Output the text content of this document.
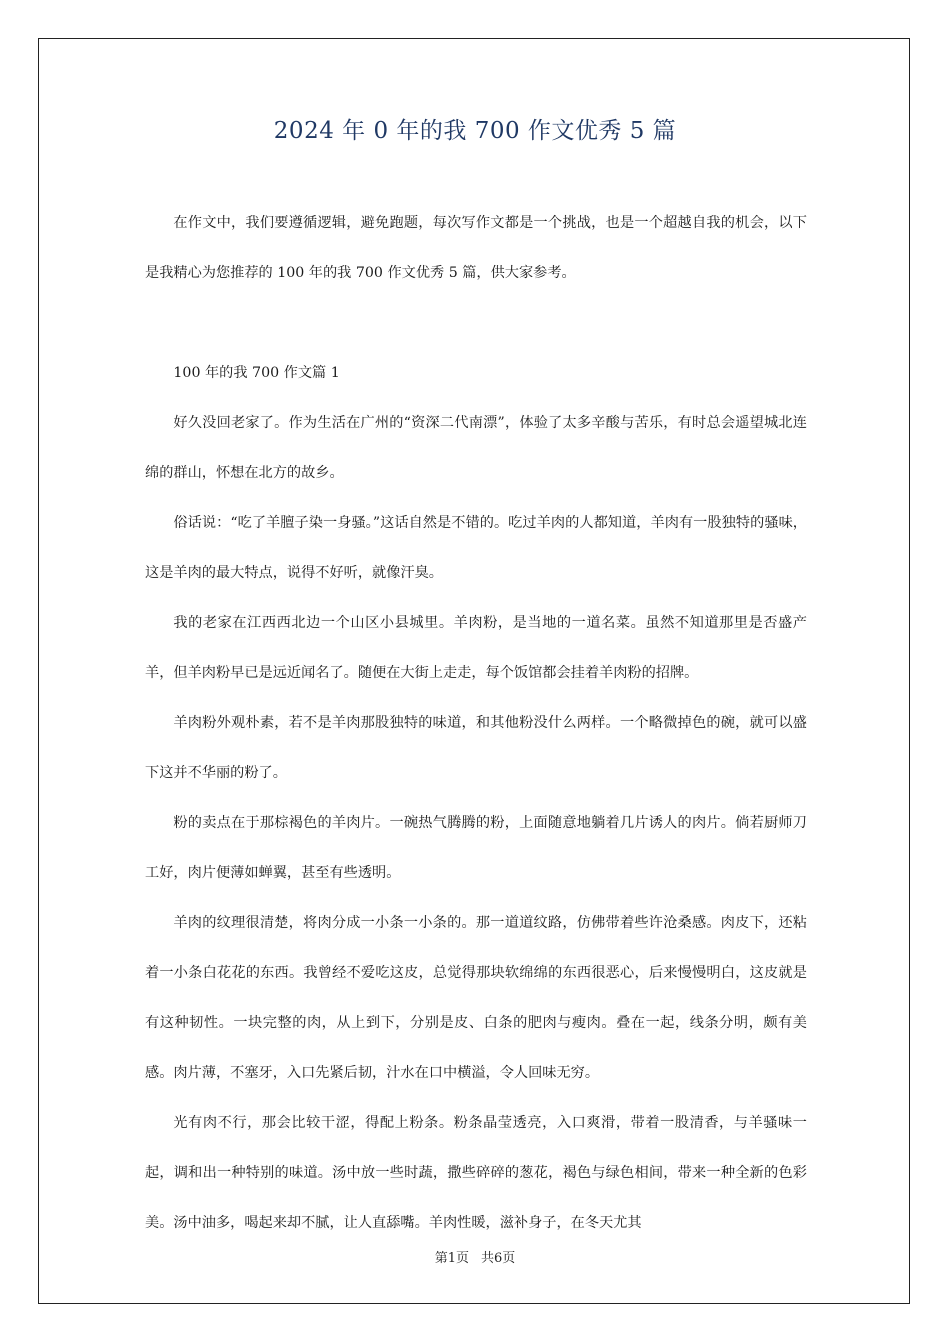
2024 年 0 年的我 700 作文优秀 5 篇

在作文中，我们要遵循逻辑，避免跑题，每次写作文都是一个挑战，也是一个超越自我的机会，以下是我精心为您推荐的 100 年的我 700 作文优秀 5 篇，供大家参考。

100 年的我 700 作文篇 1

好久没回老家了。作为生活在广州的“资深二代南漂”，体验了太多辛酸与苦乐，有时总会遥望城北连绵的群山，怀想在北方的故乡。

俗话说：“吃了羊膻子染一身骚。”这话自然是不错的。吃过羊肉的人都知道，羊肉有一股独特的骚味，这是羊肉的最大特点，说得不好听，就像汗臭。

我的老家在江西西北边一个山区小县城里。羊肉粉，是当地的一道名菜。虽然不知道那里是否盛产羊，但羊肉粉早已是远近闻名了。随便在大街上走走，每个饭馆都会挂着羊肉粉的招牌。

羊肉粉外观朴素，若不是羊肉那股独特的味道，和其他粉没什么两样。一个略微掉色的碗，就可以盛下这并不华丽的粉了。

粉的卖点在于那棕褐色的羊肉片。一碗热气腾腾的粉，上面随意地躺着几片诱人的肉片。倘若厨师刀工好，肉片便薄如蝉翼，甚至有些透明。

羊肉的纹理很清楚，将肉分成一小条一小条的。那一道道纹路，仿佛带着些许沧桑感。肉皮下，还粘着一小条白花花的东西。我曾经不爱吃这皮，总觉得那块软绵绵的东西很恶心，后来慢慢明白，这皮就是有这种韧性。一块完整的肉，从上到下，分别是皮、白条的肥肉与瘦肉。叠在一起，线条分明，颇有美感。肉片薄，不塞牙，入口先紧后韧，汁水在口中横溢，令人回味无穷。

光有肉不行，那会比较干涩，得配上粉条。粉条晶莹透亮，入口爽滑，带着一股清香，与羊骚味一起，调和出一种特别的味道。汤中放一些时蔬，撒些碎碎的葱花，褐色与绿色相间，带来一种全新的色彩美。汤中油多，喝起来却不腻，让人直舔嘴。羊肉性暖，滋补身子，在冬天尤其

第1页 共6页
